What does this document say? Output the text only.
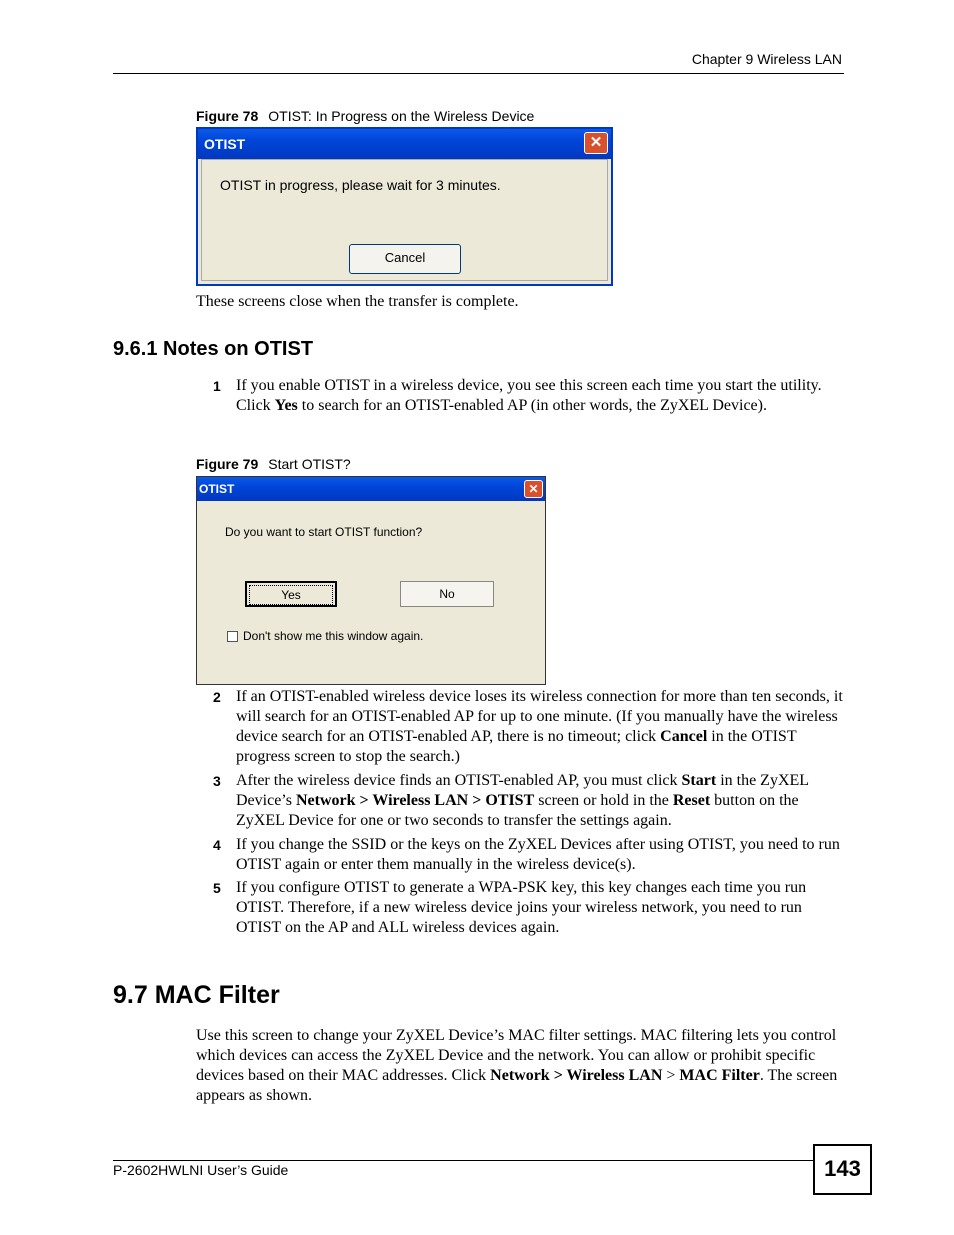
Chapter 9 Wireless LAN
Figure 78 OTIST: In Progress on the Wireless Device
OTIST	✕
OTIST in progress, please wait for 3 minutes.
Cancel
These screens close when the transfer is complete.
9.6.1 Notes on OTIST
1 If you enable OTIST in a wireless device, you see this screen each time you start the utility. Click Yes to search for an OTIST-enabled AP (in other words, the ZyXEL Device).
Figure 79 Start OTIST?
OTIST	✕
Do you want to start OTIST function?
Yes	No
Don't show me this window again.
2 If an OTIST-enabled wireless device loses its wireless connection for more than ten seconds, it will search for an OTIST-enabled AP for up to one minute. (If you manually have the wireless device search for an OTIST-enabled AP, there is no timeout; click Cancel in the OTIST progress screen to stop the search.)
3 After the wireless device finds an OTIST-enabled AP, you must click Start in the ZyXEL Device’s Network > Wireless LAN > OTIST screen or hold in the Reset button on the ZyXEL Device for one or two seconds to transfer the settings again.
4 If you change the SSID or the keys on the ZyXEL Devices after using OTIST, you need to run OTIST again or enter them manually in the wireless device(s).
5 If you configure OTIST to generate a WPA-PSK key, this key changes each time you run OTIST. Therefore, if a new wireless device joins your wireless network, you need to run OTIST on the AP and ALL wireless devices again.
9.7 MAC Filter
Use this screen to change your ZyXEL Device’s MAC filter settings. MAC filtering lets you control which devices can access the ZyXEL Device and the network. You can allow or prohibit specific devices based on their MAC addresses. Click Network > Wireless LAN > MAC Filter. The screen appears as shown.
P-2602HWLNI User’s Guide	143
